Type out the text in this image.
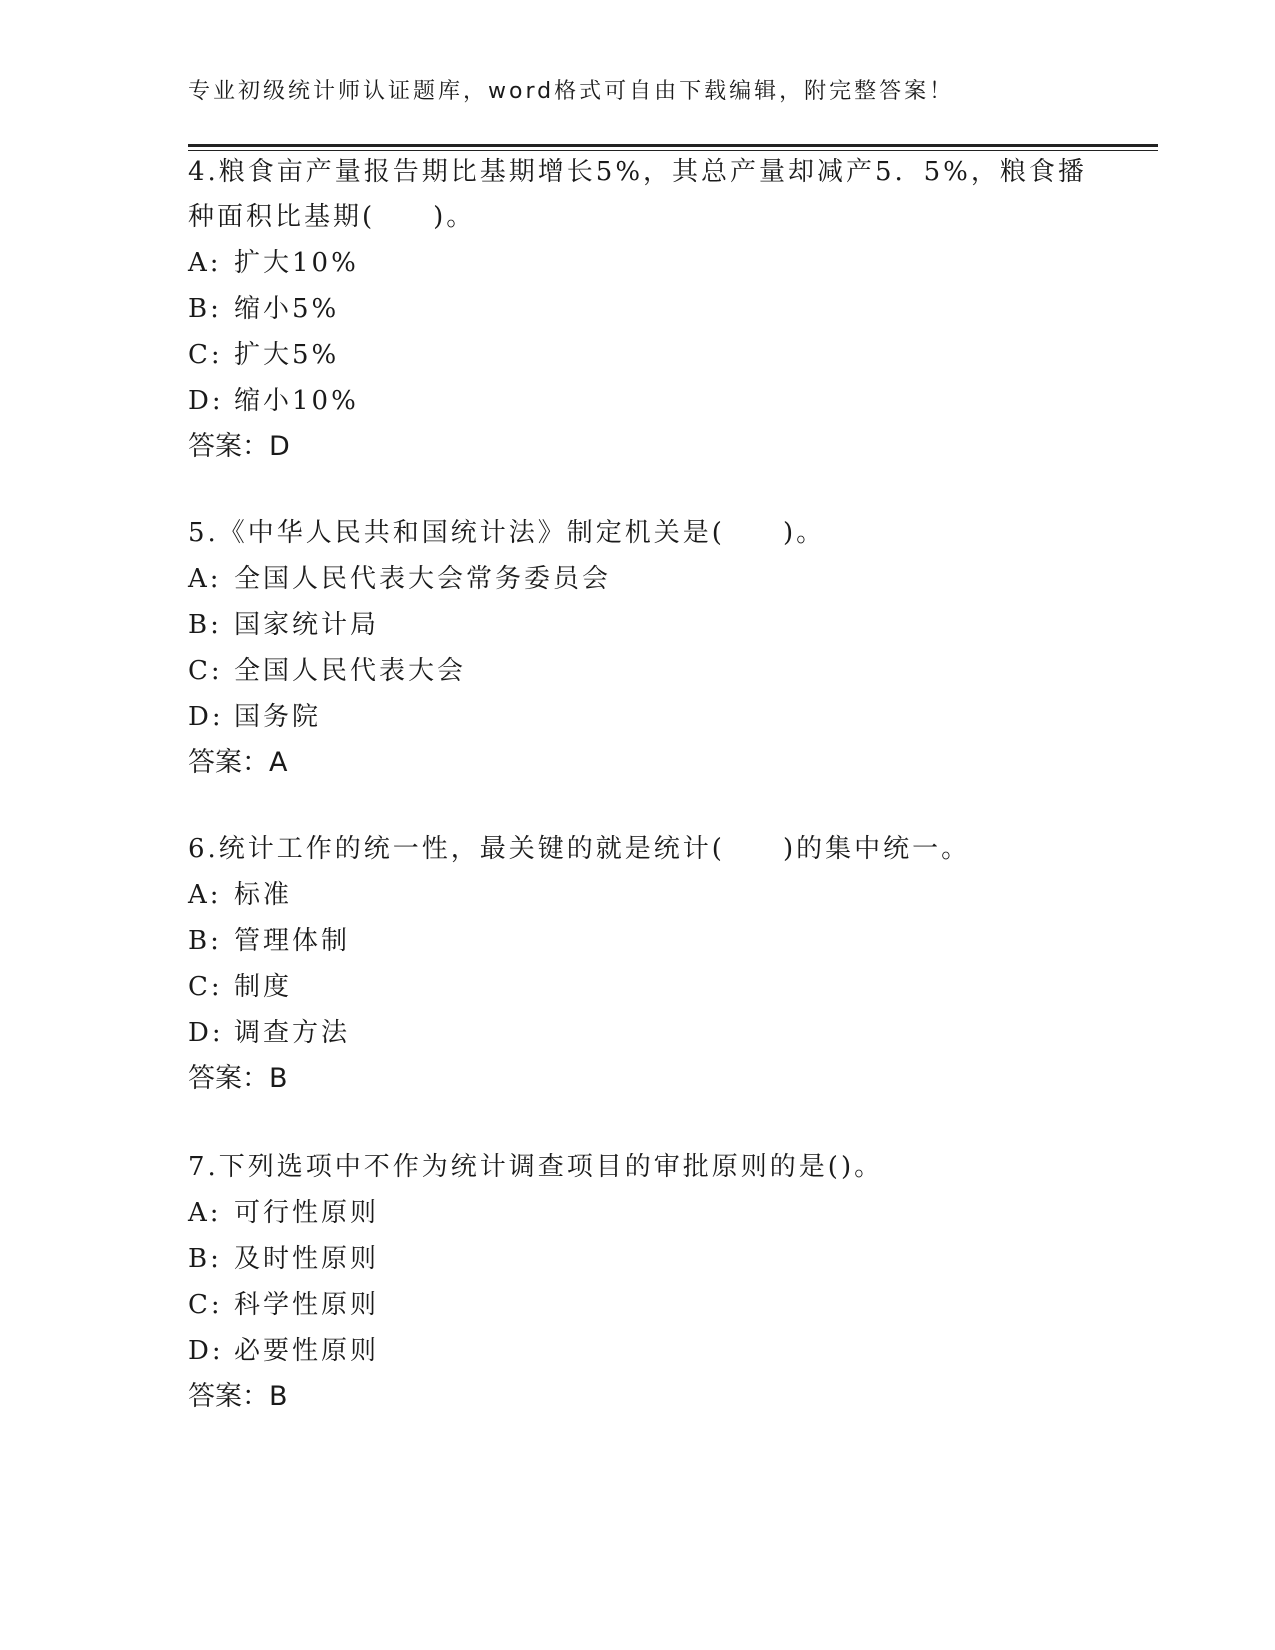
专业初级统计师认证题库，word格式可自由下载编辑，附完整答案！
4.粮食亩产量报告期比基期增长5%，其总产量却减产5．5%，粮食播
种面积比基期(　　)。
A: 扩大10%
B: 缩小5%
C: 扩大5%
D: 缩小10%
答案：D
5.《中华人民共和国统计法》制定机关是(　　)。
A: 全国人民代表大会常务委员会
B: 国家统计局
C: 全国人民代表大会
D: 国务院
答案：A
6.统计工作的统一性，最关键的就是统计(　　)的集中统一。
A: 标准
B: 管理体制
C: 制度
D: 调查方法
答案：B
7.下列选项中不作为统计调查项目的审批原则的是()。
A: 可行性原则
B: 及时性原则
C: 科学性原则
D: 必要性原则
答案：B
